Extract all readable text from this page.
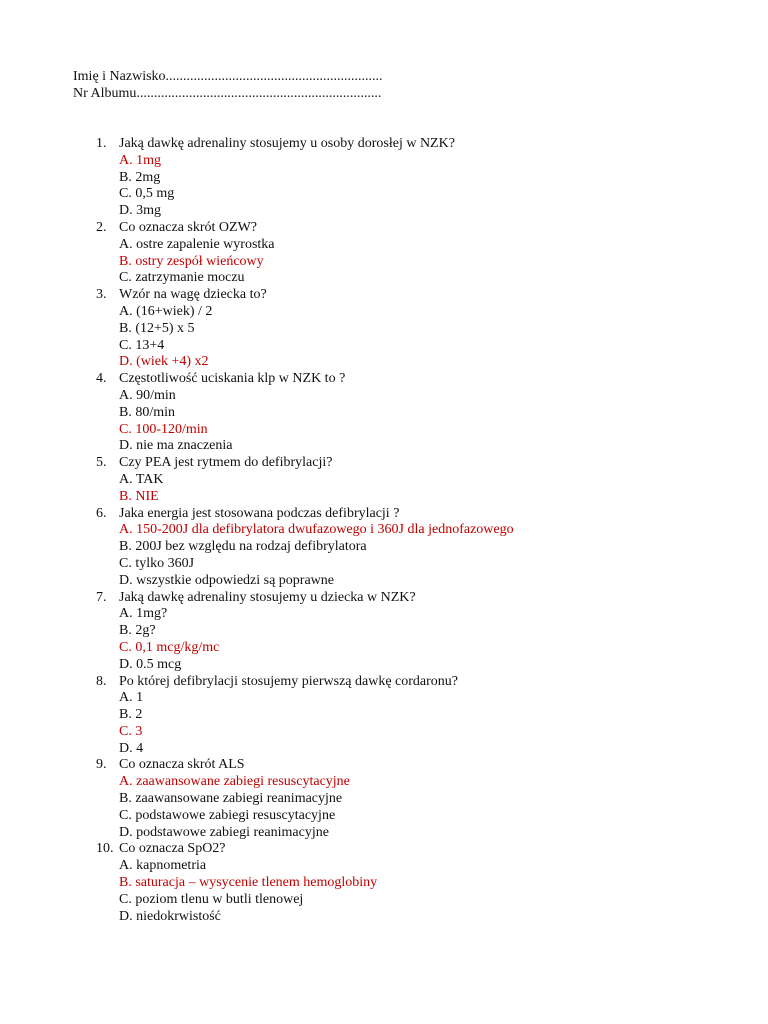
Imię i Nazwisko..............................................................
Nr Albumu......................................................................
1. Jaką dawkę adrenaliny stosujemy u osoby dorosłej w NZK?
A. 1mg
B. 2mg
C. 0,5 mg
D. 3mg
2. Co oznacza skrót OZW?
A. ostre zapalenie wyrostka
B. ostry zespół wieńcowy
C. zatrzymanie moczu
3. Wzór na wagę dziecka to?
A. (16+wiek) / 2
B. (12+5) x 5
C. 13+4
D. (wiek +4) x2
4. Częstotliwość uciskania klp w NZK to ?
A. 90/min
B. 80/min
C. 100-120/min
D. nie ma znaczenia
5. Czy PEA jest rytmem do defibrylacji?
A. TAK
B. NIE
6. Jaka energia jest stosowana podczas defibrylacji ?
A. 150-200J dla defibrylatora dwufazowego i 360J dla jednofazowego
B. 200J bez względu na rodzaj defibrylatora
C. tylko 360J
D. wszystkie odpowiedzi są poprawne
7. Jaką dawkę adrenaliny stosujemy u dziecka w NZK?
A. 1mg?
B. 2g?
C. 0,1 mcg/kg/mc
D. 0.5 mcg
8. Po której defibrylacji stosujemy pierwszą dawkę cordaronu?
A. 1
B. 2
C. 3
D. 4
9. Co oznacza skrót ALS
A. zaawansowane zabiegi resuscytacyjne
B. zaawansowane zabiegi reanimacyjne
C. podstawowe zabiegi resuscytacyjne
D. podstawowe zabiegi reanimacyjne
10. Co oznacza SpO2?
A. kapnometria
B. saturacja – wysycenie tlenem hemoglobiny
C. poziom tlenu w butli tlenowej
D. niedokrwistość
